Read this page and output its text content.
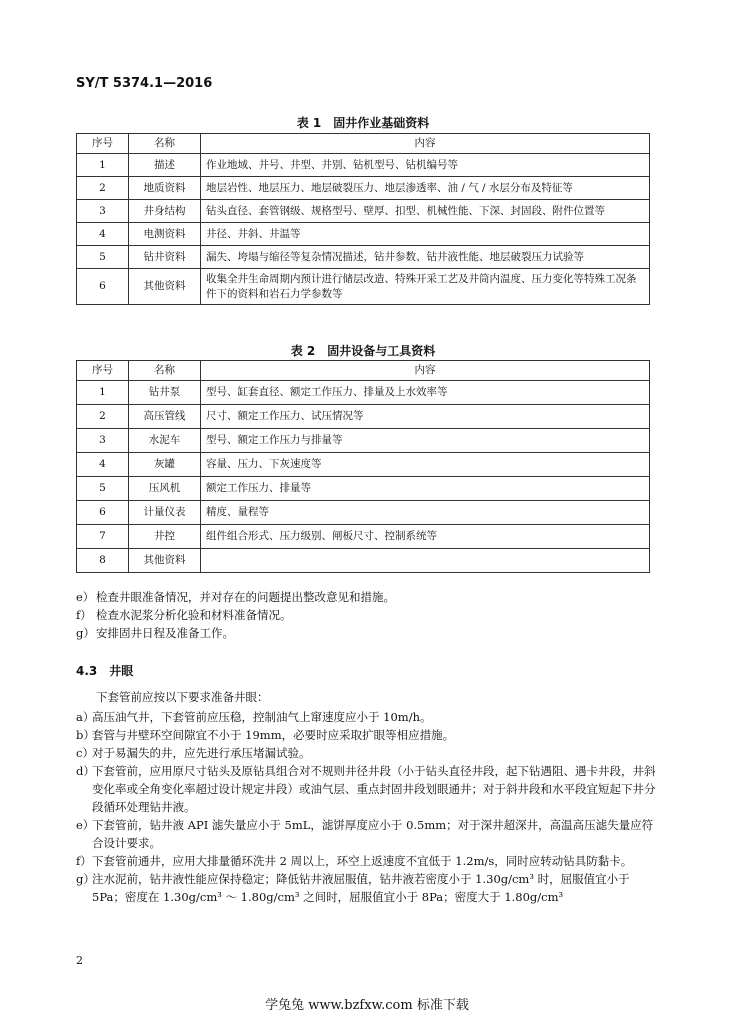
SY/T 5374.1—2016
表 1　固井作业基础资料
序号	名称	内容
1	描述	作业地域、井号、井型、井别、钻机型号、钻机编号等
2	地质资料	地层岩性、地层压力、地层破裂压力、地层渗透率、油 / 气 / 水层分布及特征等
3	井身结构	钻头直径、套管钢级、规格型号、壁厚、扣型、机械性能、下深、封固段、附件位置等
4	电测资料	井径、井斜、井温等
5	钻井资料	漏失、垮塌与缩径等复杂情况描述，钻井参数、钻井液性能、地层破裂压力试验等
6	其他资料	收集全井生命周期内预计进行储层改造、特殊开采工艺及井筒内温度、压力变化等特殊工况条件下的资料和岩石力学参数等
表 2　固井设备与工具资料
序号	名称	内容
1	钻井泵	型号、缸套直径、额定工作压力、排量及上水效率等
2	高压管线	尺寸、额定工作压力、试压情况等
3	水泥车	型号、额定工作压力与排量等
4	灰罐	容量、压力、下灰速度等
5	压风机	额定工作压力、排量等
6	计量仪表	精度、量程等
7	井控	组件组合形式、压力级别、闸板尺寸、控制系统等
8	其他资料	
e） 检查井眼准备情况，并对存在的问题提出整改意见和措施。
f） 检查水泥浆分析化验和材料准备情况。
g） 安排固井日程及准备工作。
4.3  井眼
下套管前应按以下要求准备井眼：
a）
高压油气井，下套管前应压稳，控制油气上窜速度应小于 10m/h。
b）
套管与井壁环空间隙宜不小于 19mm，必要时应采取扩眼等相应措施。
c）
对于易漏失的井，应先进行承压堵漏试验。
d）
下套管前，应用原尺寸钻头及原钻具组合对不规则井径井段（小于钻头直径井段，起下钻遇阻、遇卡井段，井斜变化率或全角变化率超过设计规定井段）或油气层、重点封固井段划眼通井；对于斜井段和水平段宜短起下井分段循环处理钻井液。
e）
下套管前，钻井液 API 滤失量应小于 5mL，滤饼厚度应小于 0.5mm；对于深井超深井，高温高压滤失量应符合设计要求。
f） 下套管前通井，应用大排量循环洗井 2 周以上，环空上返速度不宜低于 1.2m/s，同时应转动钻具防黏卡。
g）
注水泥前，钻井液性能应保持稳定；降低钻井液屈服值，钻井液若密度小于 1.30g/cm³ 时，屈服值宜小于 5Pa；密度在 1.30g/cm³ ～ 1.80g/cm³ 之间时，屈服值宜小于 8Pa；密度大于 1.80g/cm³
2
学兔兔 www.bzfxw.com 标准下载
